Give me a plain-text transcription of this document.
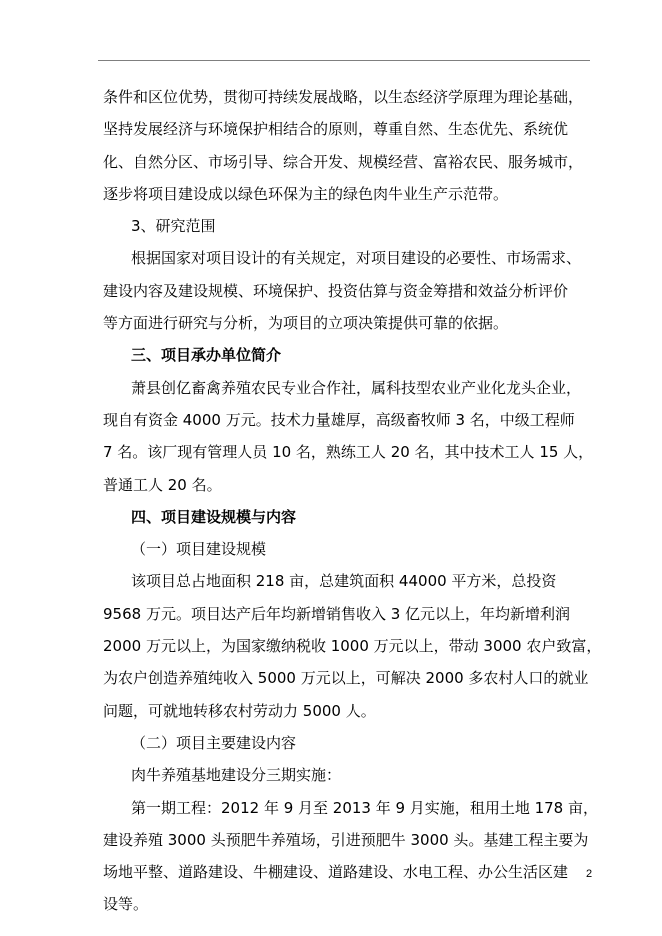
条件和区位优势，贯彻可持续发展战略，以生态经济学原理为理论基础，
坚持发展经济与环境保护相结合的原则，尊重自然、生态优先、系统优
化、自然分区、市场引导、综合开发、规模经营、富裕农民、服务城市，
逐步将项目建设成以绿色环保为主的绿色肉牛业生产示范带。
3、研究范围
根据国家对项目设计的有关规定，对项目建设的必要性、市场需求、
建设内容及建设规模、环境保护、投资估算与资金筹措和效益分析评价
等方面进行研究与分析，为项目的立项决策提供可靠的依据。
三、项目承办单位简介
萧县创亿畜禽养殖农民专业合作社，属科技型农业产业化龙头企业，
现自有资金 4000 万元。技术力量雄厚，高级畜牧师 3 名，中级工程师
7 名。该厂现有管理人员 10 名，熟练工人 20 名，其中技术工人 15 人，
普通工人 20 名。
四、项目建设规模与内容
（一）项目建设规模
该项目总占地面积 218 亩，总建筑面积 44000 平方米，总投资
9568 万元。项目达产后年均新增销售收入 3 亿元以上，年均新增利润
2000 万元以上，为国家缴纳税收 1000 万元以上，带动 3000 农户致富，
为农户创造养殖纯收入 5000 万元以上，可解决 2000 多农村人口的就业
问题，可就地转移农村劳动力 5000 人。
（二）项目主要建设内容
肉牛养殖基地建设分三期实施：
第一期工程：2012 年 9 月至 2013 年 9 月实施，租用土地 178 亩，
建设养殖 3000 头预肥牛养殖场，引进预肥牛 3000 头。基建工程主要为
场地平整、道路建设、牛棚建设、道路建设、水电工程、办公生活区建
设等。
2
